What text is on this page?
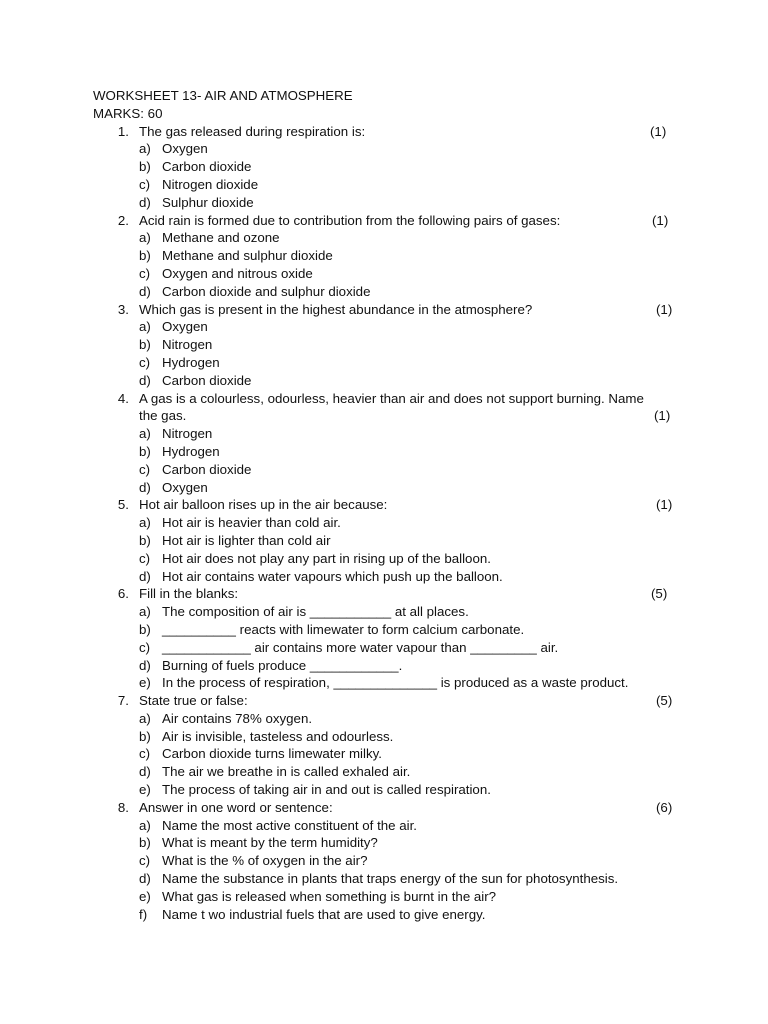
WORKSHEET 13- AIR AND ATMOSPHERE
MARKS: 60
1. The gas released during respiration is:	(1)
a) Oxygen
b) Carbon dioxide
c) Nitrogen dioxide
d) Sulphur dioxide
2. Acid rain is formed due to contribution from the following pairs of gases:	(1)
a) Methane and ozone
b) Methane and sulphur dioxide
c) Oxygen and nitrous oxide
d) Carbon dioxide and sulphur dioxide
3. Which gas is present in the highest abundance in the atmosphere?	(1)
a) Oxygen
b) Nitrogen
c) Hydrogen
d) Carbon dioxide
4. A gas is a colourless, odourless, heavier than air and does not support burning. Name
the gas.	(1)
a) Nitrogen
b) Hydrogen
c) Carbon dioxide
d) Oxygen
5. Hot air balloon rises up in the air because:	(1)
a) Hot air is heavier than cold air.
b) Hot air is lighter than cold air
c) Hot air does not play any part in rising up of the balloon.
d) Hot air contains water vapours which push up the balloon.
6. Fill in the blanks:	(5)
a) The composition of air is ___________ at all places.
b) __________ reacts with limewater to form calcium carbonate.
c) ____________ air contains more water vapour than _________ air.
d) Burning of fuels produce ____________.
e) In the process of respiration, ______________ is produced as a waste product.
7. State true or false:	(5)
a) Air contains 78% oxygen.
b) Air is invisible, tasteless and odourless.
c) Carbon dioxide turns limewater milky.
d) The air we breathe in is called exhaled air.
e) The process of taking air in and out is called respiration.
8. Answer in one word or sentence:	(6)
a) Name the most active constituent of the air.
b) What is meant by the term humidity?
c) What is the % of oxygen in the air?
d) Name the substance in plants that traps energy of the sun for photosynthesis.
e) What gas is released when something is burnt in the air?
f) Name t wo industrial fuels that are used to give energy.
